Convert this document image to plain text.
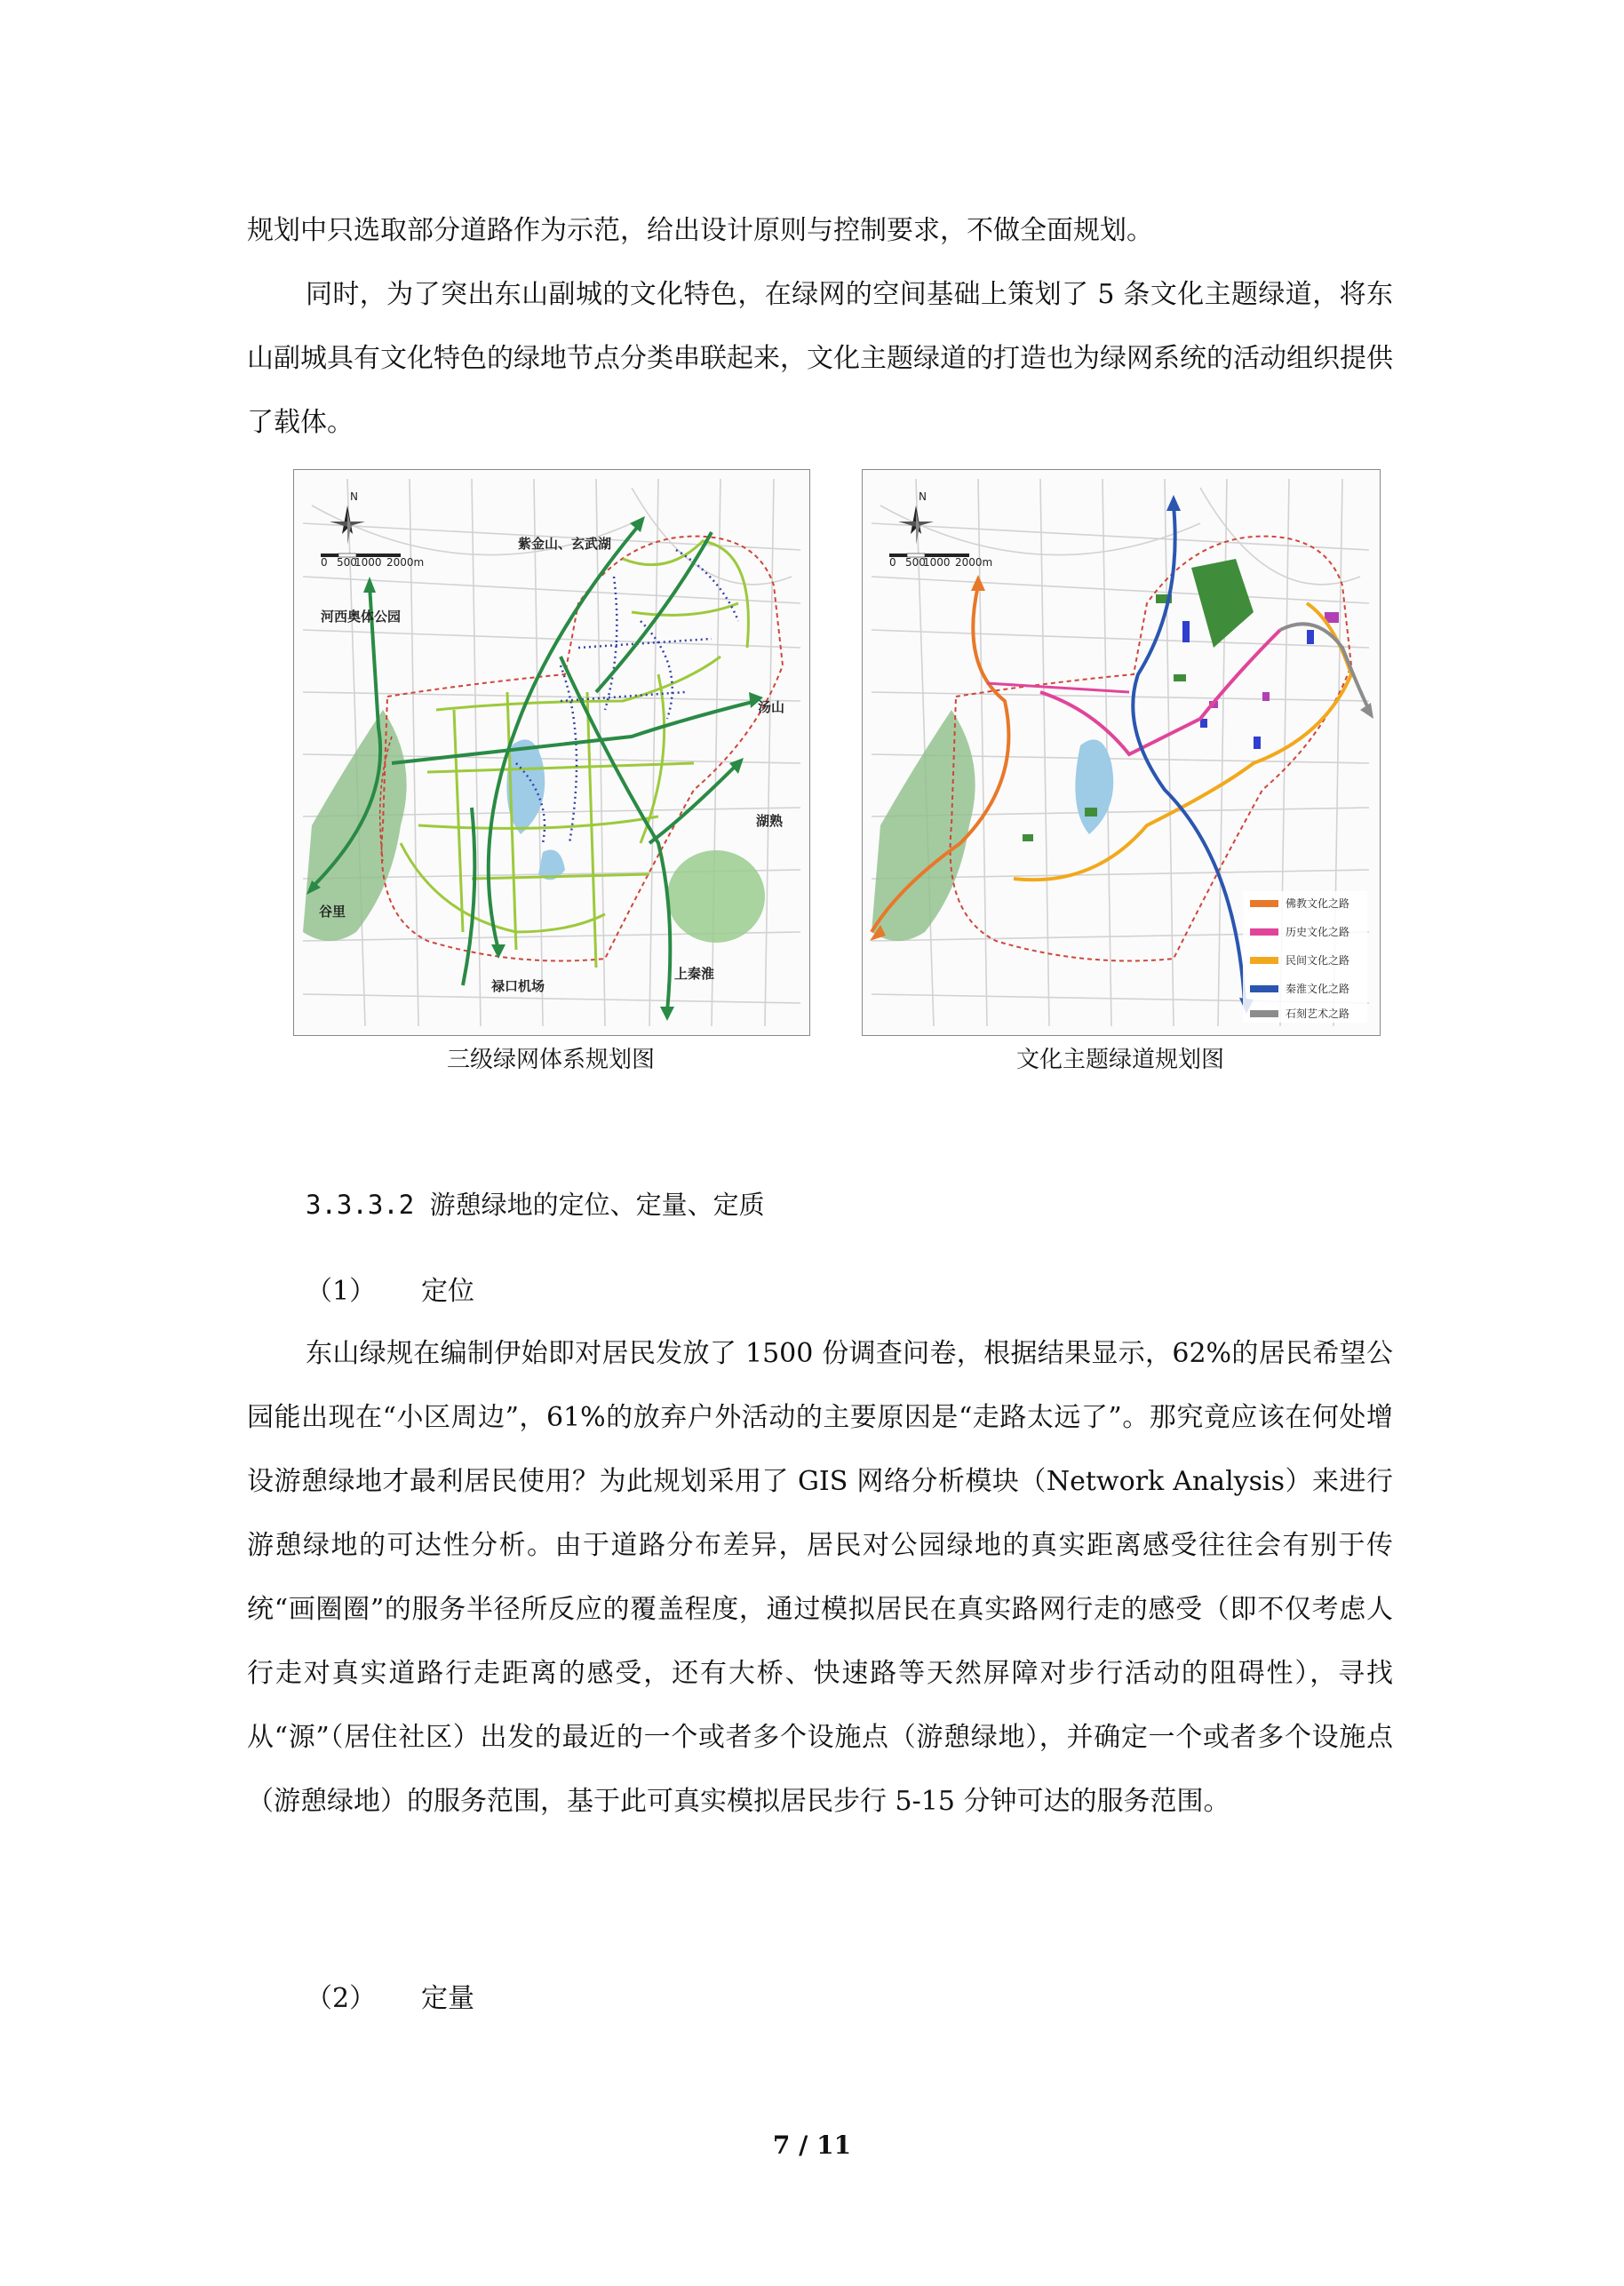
规划中只选取部分道路作为示范，给出设计原则与控制要求，不做全面规划。

同时，为了突出东山副城的文化特色，在绿网的空间基础上策划了 5 条文化主题绿道，将东山副城具有文化特色的绿地节点分类串联起来，文化主题绿道的打造也为绿网系统的活动组织提供了载体。

N
0 500
1000 2000m
紫金山、玄武湖
河西奥体公园
汤山
湖熟
谷里
禄口机场
上秦淮
三级绿网体系规划图
N
0 500
1000 2000m
佛教文化之路
历史文化之路
民间文化之路
秦淮文化之路
石刻艺术之路
文化主题绿道规划图
3.3.3.2 游憩绿地的定位、定量、定质
（1） 定位

东山绿规在编制伊始即对居民发放了 1500 份调查问卷，根据结果显示，62%的居民希望公园能出现在“小区周边”，61%的放弃户外活动的主要原因是“走路太远了”。那究竟应该在何处增设游憩绿地才最利居民使用？为此规划采用了 GIS 网络分析模块（Network Analysis）来进行游憩绿地的可达性分析。由于道路分布差异，居民对公园绿地的真实距离感受往往会有别于传统“画圈圈”的服务半径所反应的覆盖程度，通过模拟居民在真实路网行走的感受（即不仅考虑人行走对真实道路行走距离的感受，还有大桥、快速路等天然屏障对步行活动的阻碍性），寻找从“源”（居住社区）出发的最近的一个或者多个设施点（游憩绿地），并确定一个或者多个设施点（游憩绿地）的服务范围，基于此可真实模拟居民步行 5-15 分钟可达的服务范围。

（2） 定量
7 / 11
